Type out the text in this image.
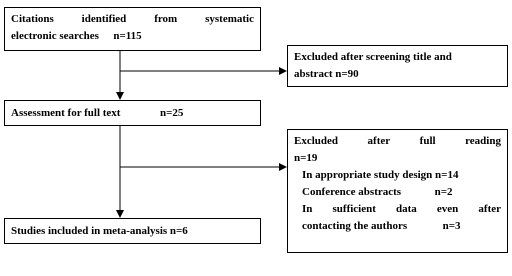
Citations	identified	from	systematic
electronic searches n=115
Excluded after screening title and
abstract n=90
Assessment for full text	n=25
Excluded	after	full	reading
n=19
In appropriate study design n=14
Conference abstracts	n=2
In sufficient data even after
contacting the authors	n=3
Studies included in meta-analysis n=6
